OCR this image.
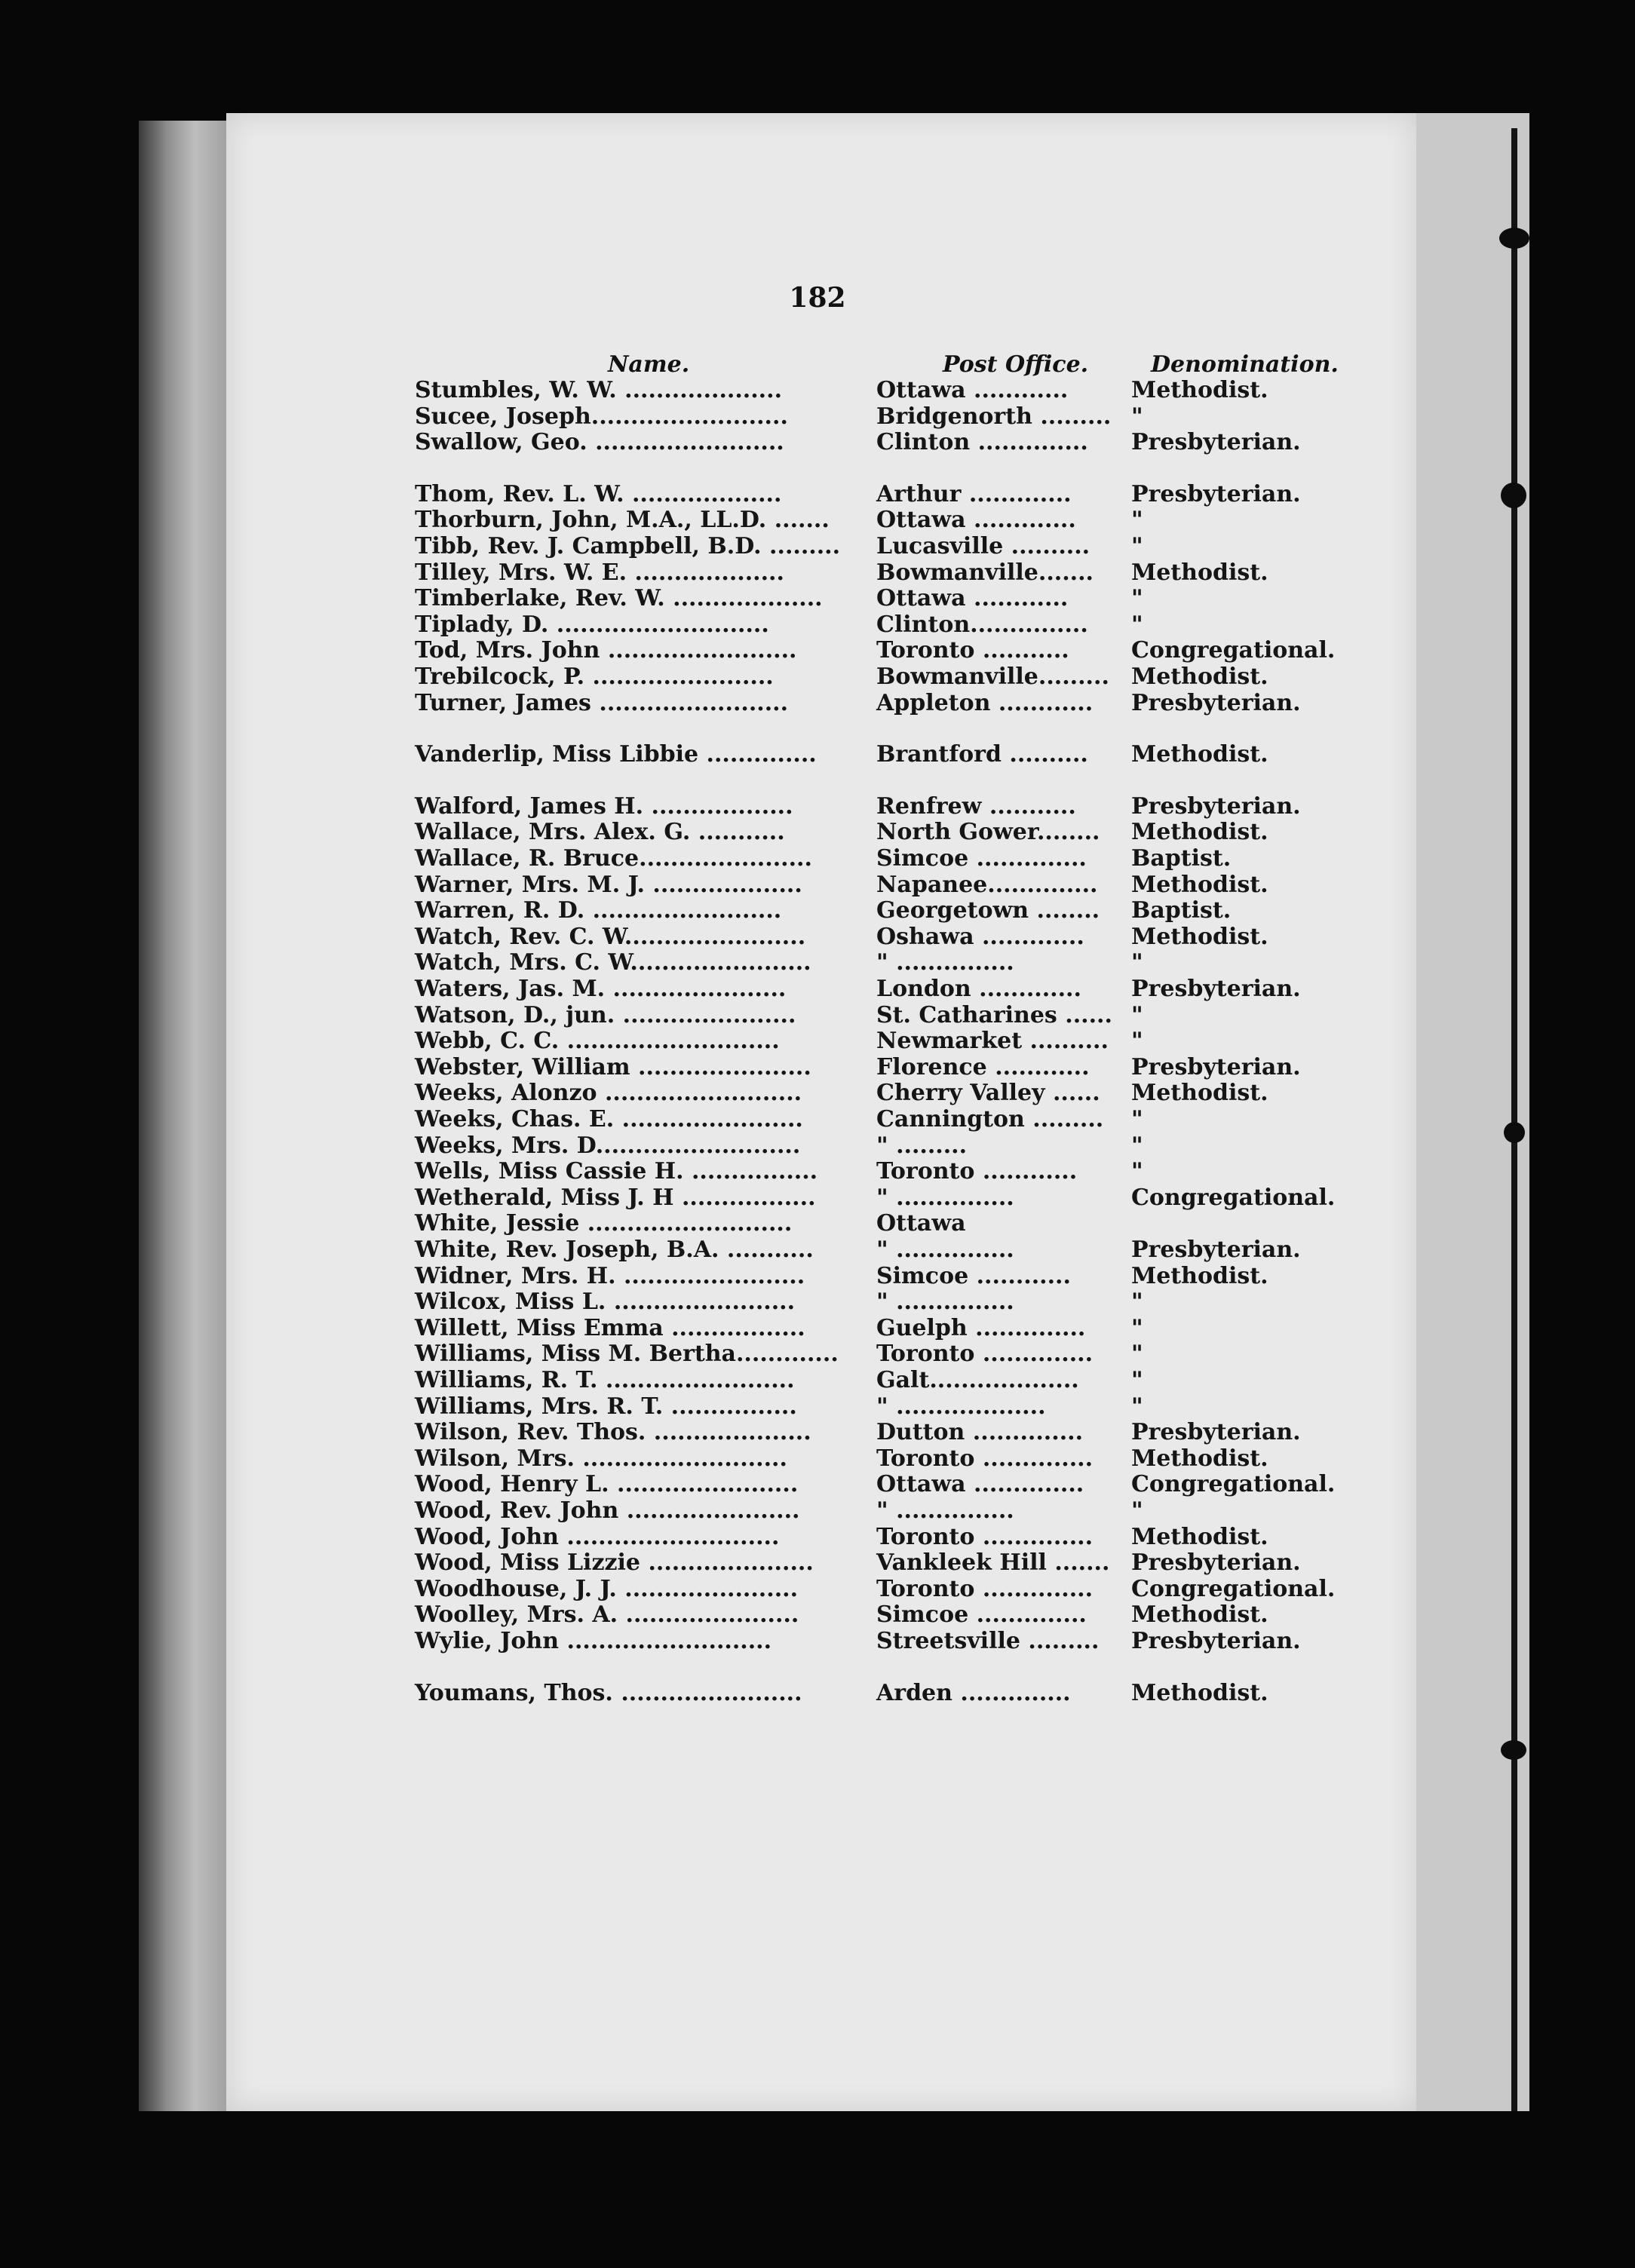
182
Name.	Post Office.	Denomination.
Stumbles, W. W. ....................	Ottawa ............	Methodist.
Sucee, Joseph.........................	Bridgenorth ......... "
Swallow, Geo. ........................	Clinton .............. Presbyterian.
Thom, Rev. L. W. ...................	Arthur .............	Presbyterian.
Thorburn, John, M.A., LL.D. ....... Ottawa ............. "
Tibb, Rev. J. Campbell, B.D. ......... Lucasville .......... "
Tilley, Mrs. W. E. ...................	Bowmanville....... Methodist.
Timberlake, Rev. W. ................... Ottawa ............	"
Tiplady, D. ...........................	Clinton............... "
Tod, Mrs. John ........................	Toronto ...........	Congregational.
Trebilcock, P. .......................	Bowmanville......... Methodist.
Turner, James ........................	Appleton ............ Presbyterian.
Vanderlip, Miss Libbie ..............	Brantford .......... Methodist.
Walford, James H. ..................	Renfrew ........... Presbyterian.
Wallace, Mrs. Alex. G. ...........	North Gower........ Methodist.
Wallace, R. Bruce......................	Simcoe .............. Baptist.
Warner, Mrs. M. J. ...................	Napanee.............. Methodist.
Warren, R. D. ........................	Georgetown ........ Baptist.
Watch, Rev. C. W.......................	Oshawa ............. Methodist.
Watch, Mrs. C. W.......................	" ...............	"
Waters, Jas. M. ......................	London ............. Presbyterian.
Watson, D., jun. ......................	St. Catharines ...... "
Webb, C. C. ...........................	Newmarket .......... "
Webster, William ......................	Florence ............ Presbyterian.
Weeks, Alonzo .........................	Cherry Valley ...... Methodist.
Weeks, Chas. E. .......................	Cannington ......... "
Weeks, Mrs. D..........................	" .........	"
Wells, Miss Cassie H. ................	Toronto ............ "
Wetherald, Miss J. H .................	" ...............	Congregational.
White, Jessie ..........................	Ottawa
White, Rev. Joseph, B.A. ...........	" ...............	Presbyterian.
Widner, Mrs. H. .......................	Simcoe ............	Methodist.
Wilcox, Miss L. .......................	" ...............	"
Willett, Miss Emma .................	Guelph .............. "
Williams, Miss M. Bertha............. Toronto .............. "
Williams, R. T. ........................	Galt................... "
Williams, Mrs. R. T. ................	" ...................	"
Wilson, Rev. Thos. ....................	Dutton .............. Presbyterian.
Wilson, Mrs. ..........................	Toronto .............. Methodist.
Wood, Henry L. .......................	Ottawa .............. Congregational.
Wood, Rev. John ......................	" ...............	"
Wood, John ...........................	Toronto .............. Methodist.
Wood, Miss Lizzie .....................	Vankleek Hill ....... Presbyterian.
Woodhouse, J. J. ......................	Toronto .............. Congregational.
Woolley, Mrs. A. ......................	Simcoe .............. Methodist.
Wylie, John ..........................	Streetsville ......... Presbyterian.
Youmans, Thos. .......................	Arden ..............	Methodist.
